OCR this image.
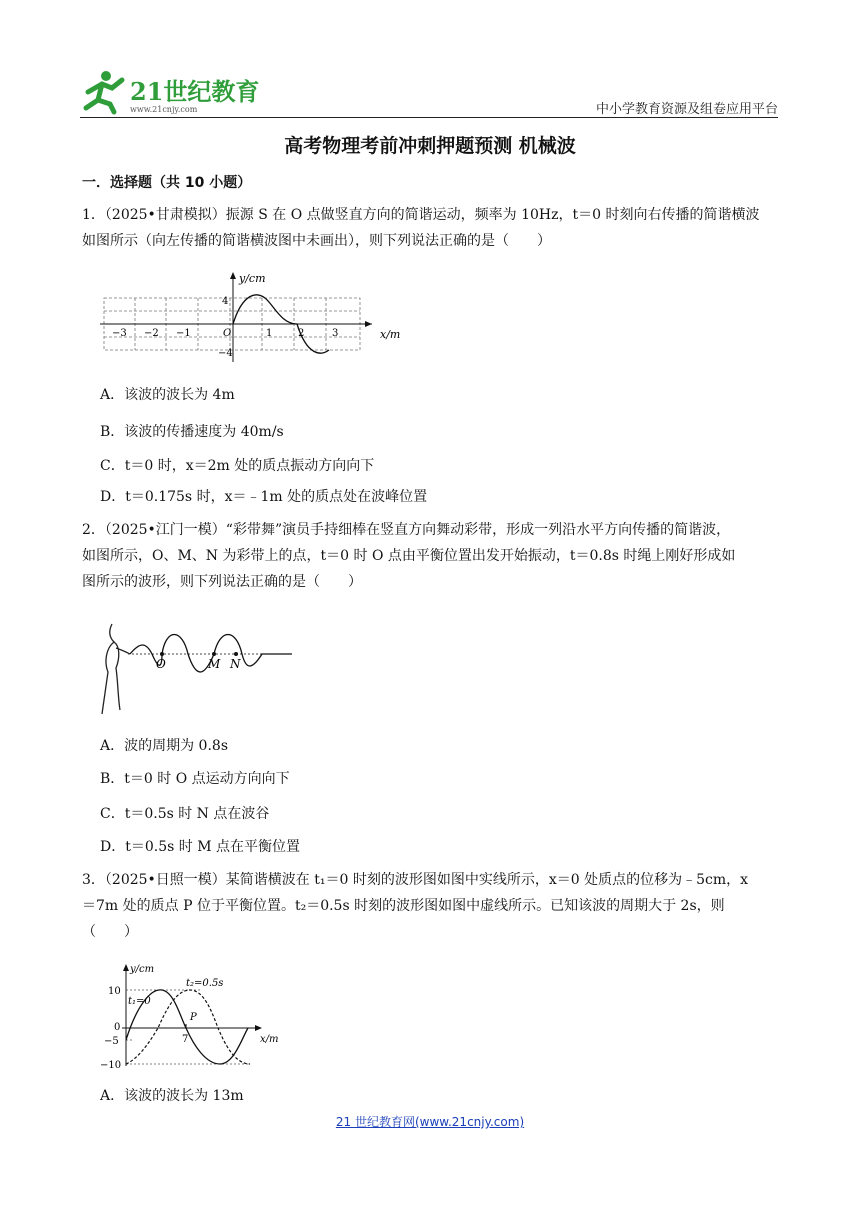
21世纪教育
www.21cnjy.com	中小学教育资源及组卷应用平台
高考物理考前冲刺押题预测 机械波
一．选择题（共 10 小题）
1．（2025•甘肃模拟）振源 S 在 O 点做竖直方向的简谐运动，频率为 10Hz，t＝0 时刻向右传播的简谐横波
如图所示（向左传播的简谐横波图中未画出），则下列说法正确的是（　　）
y/cm
x/m
4
−4
−3 −2 −1	O	1	2	3
A．该波的波长为 4m
B．该波的传播速度为 40m/s
C．t＝0 时，x＝2m 处的质点振动方向向下
D．t＝0.175s 时，x＝﹣1m 处的质点处在波峰位置
2．（2025•江门一模）“彩带舞”演员手持细棒在竖直方向舞动彩带，形成一列沿水平方向传播的简谐波，
如图所示，O、M、N 为彩带上的点，t＝0 时 O 点由平衡位置出发开始振动，t＝0.8s 时绳上刚好形成如
图所示的波形，则下列说法正确的是（　　）
O	M N
A．波的周期为 0.8s
B．t＝0 时 O 点运动方向向下
C．t＝0.5s 时 N 点在波谷
D．t＝0.5s 时 M 点在平衡位置
3．（2025•日照一模）某简谐横波在 t₁＝0 时刻的波形图如图中实线所示，x＝0 处质点的位移为﹣5cm，x
＝7m 处的质点 P 位于平衡位置。t₂＝0.5s 时刻的波形图如图中虚线所示。已知该波的周期大于 2s，则
（　　）
y/cm
x/m
10
0
−5
−10
7
t₁=0
t₂=0.5s
P
A．该波的波长为 13m
21 世纪教育网(www.21cnjy.com)
